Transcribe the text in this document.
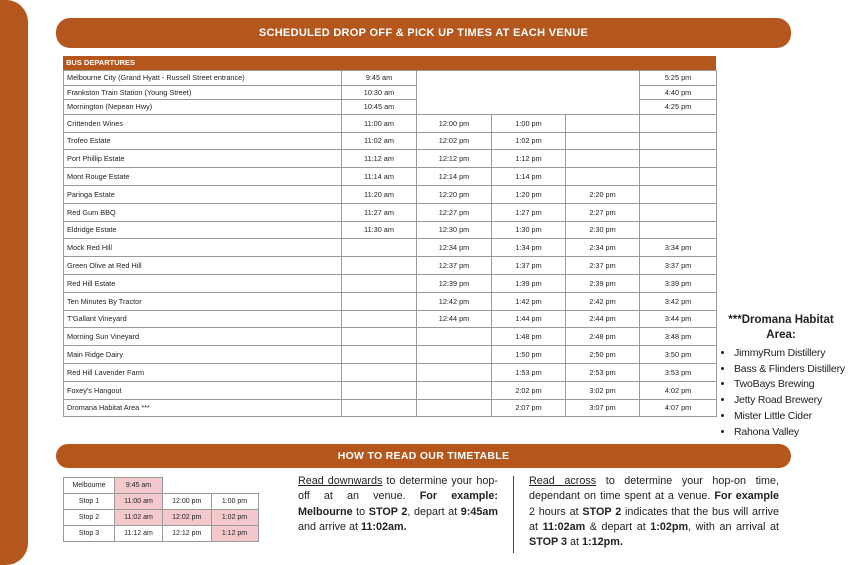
SCHEDULED DROP OFF & PICK UP TIMES AT EACH VENUE
BUS DEPARTURES
Melbourne City (Grand Hyatt - Russell Street entrance)	9:45 am				5:25 pm
Frankston Train Station (Young Street)	10:30 am				4:40 pm
Mornington (Nepean Hwy)	10:45 am				4:25 pm
Crittenden Wines	11:00 am	12:00 pm	1:00 pm		
Trofeo Estate	11:02 am	12:02 pm	1:02 pm		
Port Phillip Estate	11:12 am	12:12 pm	1:12 pm		
Mont Rouge Estate	11:14 am	12:14 pm	1:14 pm		
Paringa Estate	11:20 am	12:20 pm	1:20 pm	2:20 pm	
Red Gum BBQ	11:27 am	12:27 pm	1:27 pm	2:27 pm	
Eldridge Estate	11:30 am	12:30 pm	1:30 pm	2:30 pm	
Mock Red Hill		12:34 pm	1:34 pm	2:34 pm	3:34 pm
Green Olive at Red Hill		12:37 pm	1:37 pm	2:37 pm	3:37 pm
Red Hill Estate		12:39 pm	1:39 pm	2:39 pm	3:39 pm
Ten Minutes By Tractor		12:42 pm	1:42 pm	2:42 pm	3:42 pm
T'Gallant Vineyard		12:44 pm	1:44 pm	2:44 pm	3:44 pm
Morning Sun Vineyard			1:48 pm	2:48 pm	3:48 pm
Main Ridge Dairy			1:50 pm	2:50 pm	3:50 pm
Red Hill Lavender Farm			1:53 pm	2:53 pm	3:53 pm
Foxey's Hangout			2:02 pm	3:02 pm	4:02 pm
Dromana Habitat Area ***			2:07 pm	3:07 pm	4:07 pm
***Dromana Habitat
Area:
• JimmyRum Distillery
• Bass & Flinders Distillery
• TwoBays Brewing
• Jetty Road Brewery
• Mister Little Cider
• Rahona Valley
HOW TO READ OUR TIMETABLE
Melbourne	9:45 am		
Stop 1	11:00 am	12:00 pm	1:00 pm
Stop 2	11:02 am	12:02 pm	1:02 pm
Stop 3	11:12 am	12:12 pm	1:12 pm
Read downwards to determine your hop-off at an venue. For example: Melbourne to STOP 2, depart at 9:45am and arrive at 11:02am.
Read across to determine your hop-on time, dependant on time spent at a venue. For example 2 hours at STOP 2 indicates that the bus will arrive at 11:02am & depart at 1:02pm, with an arrival at STOP 3 at 1:12pm.
